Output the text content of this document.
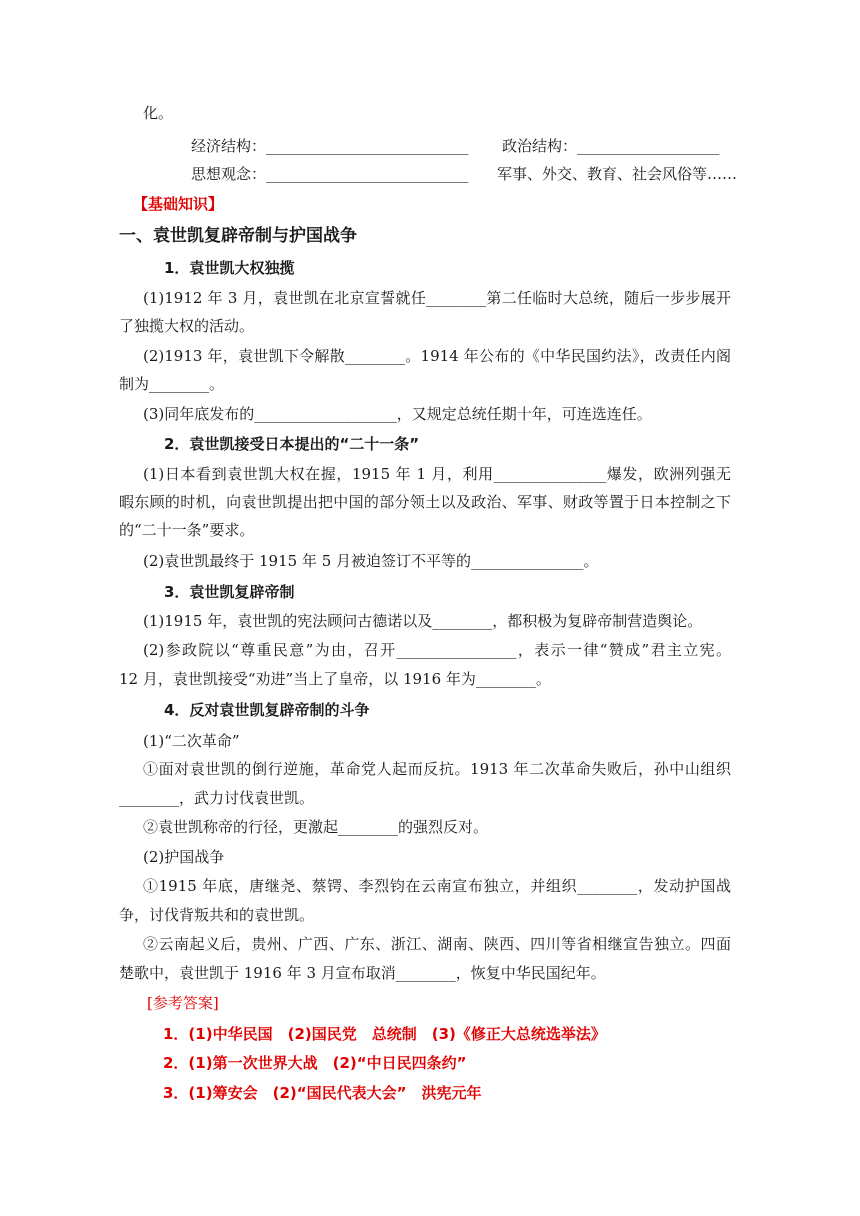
化。
经济结构：___________________________ 政治结构：___________________
思想观念：___________________________ 军事、外交、教育、社会风俗等……
【基础知识】
一、袁世凯复辟帝制与护国战争
1．袁世凯大权独揽
(1)1912 年 3 月，袁世凯在北京宣誓就任________第二任临时大总统，随后一步步展开
了独揽大权的活动。
(2)1913 年，袁世凯下令解散________。1914 年公布的《中华民国约法》，改责任内阁
制为________。
(3)同年底发布的___________________，又规定总统任期十年，可连选连任。
2．袁世凯接受日本提出的“二十一条”
(1)日本看到袁世凯大权在握，1915 年 1 月，利用_______________爆发，欧洲列强无
暇东顾的时机，向袁世凯提出把中国的部分领土以及政治、军事、财政等置于日本控制之下
的“二十一条”要求。
(2)袁世凯最终于 1915 年 5 月被迫签订不平等的_______________。
3．袁世凯复辟帝制
(1)1915 年，袁世凯的宪法顾问古德诺以及________，都积极为复辟帝制营造舆论。
(2)参政院以“尊重民意”为由，召开________________，表示一律“赞成”君主立宪。
12 月，袁世凯接受“劝进”当上了皇帝，以 1916 年为________。
4．反对袁世凯复辟帝制的斗争
(1)“二次革命”
①面对袁世凯的倒行逆施，革命党人起而反抗。1913 年二次革命失败后，孙中山组织
________，武力讨伐袁世凯。
②袁世凯称帝的行径，更激起________的强烈反对。
(2)护国战争
①1915 年底，唐继尧、蔡锷、李烈钧在云南宣布独立，并组织________，发动护国战
争，讨伐背叛共和的袁世凯。
②云南起义后，贵州、广西、广东、浙江、湖南、陕西、四川等省相继宣告独立。四面
楚歌中，袁世凯于 1916 年 3 月宣布取消________，恢复中华民国纪年。
[参考答案]
1．(1)中华民国　(2)国民党　总统制　(3)《修正大总统选举法》
2．(1)第一次世界大战　(2)“中日民四条约”
3．(1)筹安会　(2)“国民代表大会”　洪宪元年
